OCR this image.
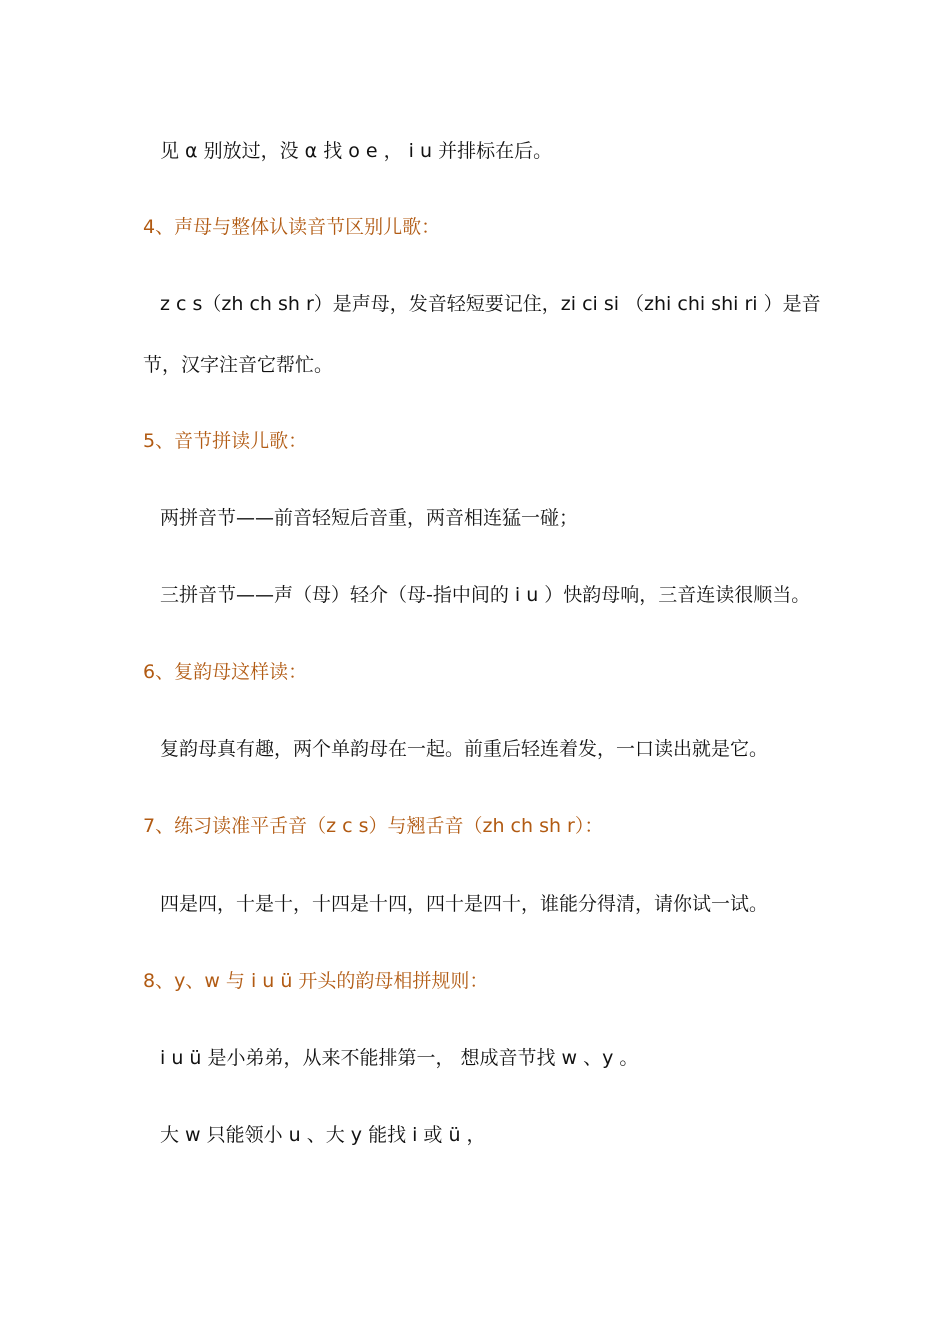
见 α 别放过，没 α 找 o e ， i u 并排标在后。
4、声母与整体认读音节区别儿歌：
z c s（zh ch sh r）是声母，发音轻短要记住，zi ci si （zhi chi shi ri ）是音
节，汉字注音它帮忙。
5、音节拼读儿歌：
两拼音节——前音轻短后音重，两音相连猛一碰；
三拼音节——声（母）轻介（母-指中间的 i u ）快韵母响，三音连读很顺当。
6、复韵母这样读：
复韵母真有趣，两个单韵母在一起。前重后轻连着发，一口读出就是它。
7、练习读准平舌音（z c s）与翘舌音（zh ch sh r）：
四是四，十是十，十四是十四，四十是四十，谁能分得清，请你试一试。
8、y、w 与 i u ü 开头的韵母相拼规则：
i u ü 是小弟弟，从来不能排第一， 想成音节找 w 、y 。
大 w 只能领小 u 、大 y 能找 i 或 ü ，
